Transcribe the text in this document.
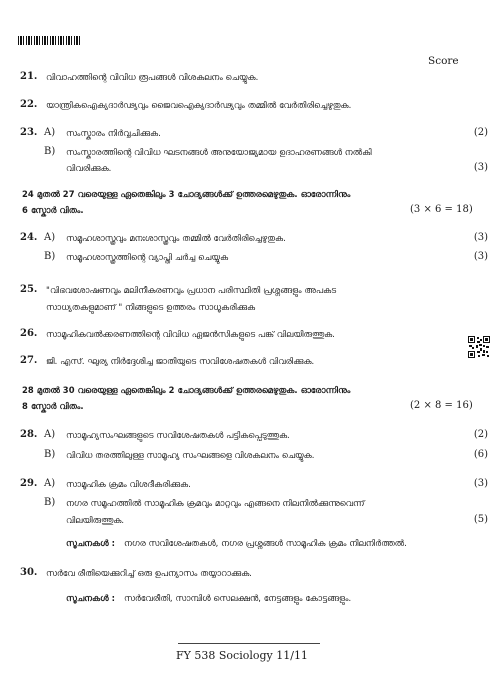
Score
21. വിവാഹത്തിന്റെ വിവിധ രൂപങ്ങൾ വിശകലനം ചെയ്യുക.
22. യാന്ത്രികഐക്യദാർഢ്യവും ജൈവഐക്യദാർഢ്യവും തമ്മിൽ വേർതിരിച്ചെഴുതുക.
23. A) സംസ്കാരം നിർവ്വചിക്കുക.	(2)
B) സംസ്കാരത്തിന്റെ വിവിധ ഘടനങ്ങൾ അനുയോജ്യമായ ഉദാഹരണങ്ങൾ നൽകി
വിവരിക്കുക.	(3)
24 മുതൽ 27 വരെയുള്ള ഏതെങ്കിലും 3 ചോദ്യങ്ങൾക്ക് ഉത്തരമെഴുതുക. ഓരോന്നിനും
6 സ്കോർ വിതം.	(3 × 6 = 18)
24. A) സമൂഹശാസ്ത്രവും മനഃശാസ്ത്രവും തമ്മിൽ വേർതിരിച്ചെഴുതുക.	(3)
B) സമൂഹശാസ്ത്രത്തിന്റെ വ്യാപ്തി ചർച്ച ചെയ്യുക	(3)
25. "വിഭവശോഷണവും മലിനീകരണവും പ്രധാന പരിസ്ഥിതി പ്രശ്നങ്ങളും അപകട
സാധ്യതകളുമാണ് " നിങ്ങളുടെ ഉത്തരം സാധൂകരിക്കുക
26. സാമൂഹികവൽക്കരണത്തിന്റെ വിവിധ ഏജൻസികളുടെ പങ്ക് വിലയിരുത്തുക.
27. ജി. എസ്. ഘുര്യ നിർദ്ദേശിച്ച ജാതിയുടെ സവിശേഷതകൾ വിവരിക്കുക.
28 മുതൽ 30 വരെയുള്ള ഏതെങ്കിലും 2 ചോദ്യങ്ങൾക്ക് ഉത്തരമെഴുതുക. ഓരോന്നിനും
8 സ്കോർ വിതം.	(2 × 8 = 16)
28. A) സാമൂഹ്യസംഘങ്ങളുടെ സവിശേഷതകൾ പട്ടികപ്പെടുത്തുക.	(2)
B) വിവിധ തരത്തിലുള്ള സാമൂഹ്യ സംഘങ്ങളെ വിശകലനം ചെയ്യുക.	(6)
29. A) സാമൂഹിക ക്രമം വിശദീകരിക്കുക.	(3)
B) നഗര സമൂഹത്തിൽ സാമൂഹിക ക്രമവും മാറ്റവും എങ്ങനെ നിലനിൽക്കുന്നുവെന്ന്
വിലയിരുത്തുക.	(5)
സൂചനകൾ : നഗര സവിശേഷതകൾ, നഗര പ്രശ്നങ്ങൾ സാമൂഹിക ക്രമം നിലനിർത്തൽ.
30. സർവേ രീതിയെക്കുറിച്ച് ഒരു ഉപന്യാസം തയ്യാറാക്കുക.
സൂചനകൾ : സർവേരീതി, സാമ്പിൾ സെലക്ഷൻ, നേട്ടങ്ങളും കോട്ടങ്ങളും.
FY 538 Sociology 11/11
